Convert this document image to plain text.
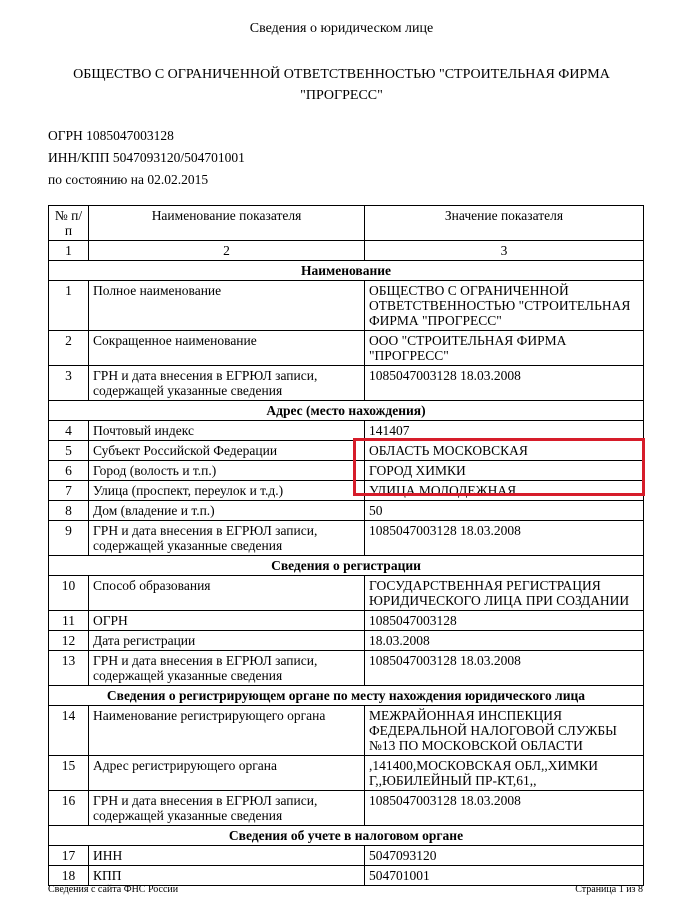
Сведения о юридическом лице
ОБЩЕСТВО С ОГРАНИЧЕННОЙ ОТВЕТСТВЕННОСТЬЮ "СТРОИТЕЛЬНАЯ ФИРМА "ПРОГРЕСС"
ОГРН 1085047003128
ИНН/КПП 5047093120/504701001
по состоянию на 02.02.2015
№ п/п	Наименование показателя	Значение показателя
1	2	3
Наименование		
1	Полное наименование	ОБЩЕСТВО С ОГРАНИЧЕННОЙ ОТВЕТСТВЕННОСТЬЮ "СТРОИТЕЛЬНАЯ ФИРМА "ПРОГРЕСС"
2	Сокращенное наименование	ООО "СТРОИТЕЛЬНАЯ ФИРМА "ПРОГРЕСС"
3	ГРН и дата внесения в ЕГРЮЛ записи, содержащей указанные сведения	1085047003128 18.03.2008
Адрес (место нахождения)		
4	Почтовый индекс	141407
5	Субъект Российской Федерации	ОБЛАСТЬ МОСКОВСКАЯ
6	Город (волость и т.п.)	ГОРОД ХИМКИ
7	Улица (проспект, переулок и т.д.)	УЛИЦА МОЛОДЕЖНАЯ
8	Дом (владение и т.п.)	50
9	ГРН и дата внесения в ЕГРЮЛ записи, содержащей указанные сведения	1085047003128 18.03.2008
Сведения о регистрации		
10	Способ образования	ГОСУДАРСТВЕННАЯ РЕГИСТРАЦИЯ ЮРИДИЧЕСКОГО ЛИЦА ПРИ СОЗДАНИИ
11	ОГРН	1085047003128
12	Дата регистрации	18.03.2008
13	ГРН и дата внесения в ЕГРЮЛ записи, содержащей указанные сведения	1085047003128 18.03.2008
Сведения о регистрирующем органе по месту нахождения юридического лица		
14	Наименование регистрирующего органа	МЕЖРАЙОННАЯ ИНСПЕКЦИЯ ФЕДЕРАЛЬНОЙ НАЛОГОВОЙ СЛУЖБЫ №13 ПО МОСКОВСКОЙ ОБЛАСТИ
15	Адрес регистрирующего органа	,141400,МОСКОВСКАЯ ОБЛ,,ХИМКИ Г,,ЮБИЛЕЙНЫЙ ПР-КТ,61,,
16	ГРН и дата внесения в ЕГРЮЛ записи, содержащей указанные сведения	1085047003128 18.03.2008
Сведения об учете в налоговом органе		
17	ИНН	5047093120
18	КПП	504701001
Сведения с сайта ФНС России	Страница 1 из 8
